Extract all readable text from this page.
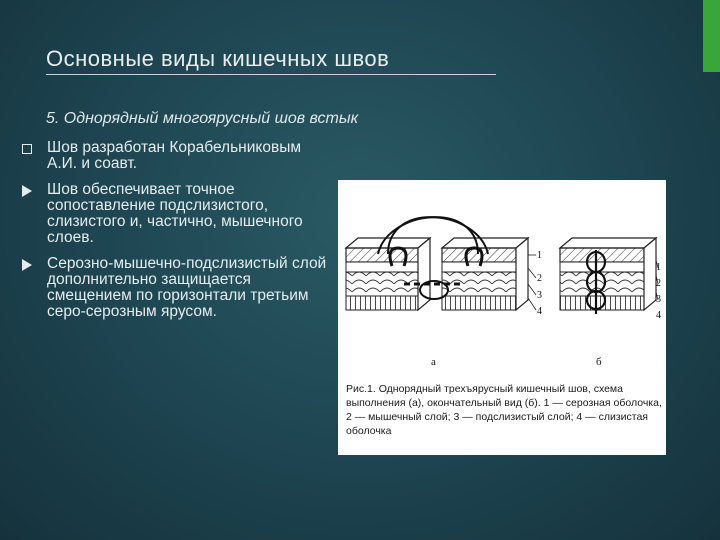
Основные виды кишечных швов
5. Однорядный многоярусный шов встык
Шов разработан Корабельниковым А.И. и соавт.
Шов обеспечивает точное сопоставление подслизистого, слизистого и, частично, мышечного слоев.
Серозно-мышечно-подслизистый слой дополнительно защищается смещением по горизонтали третьим серо-серозным ярусом.
а	б
1
2
3
4
1
2
3
4
Рис.1. Однорядный трехъярусный кишечный шов, схема выполнения (а), окончательный вид (б). 1 — серозная оболочка, 2 — мышечный слой; 3 — подслизистый слой; 4 — слизистая оболочка
